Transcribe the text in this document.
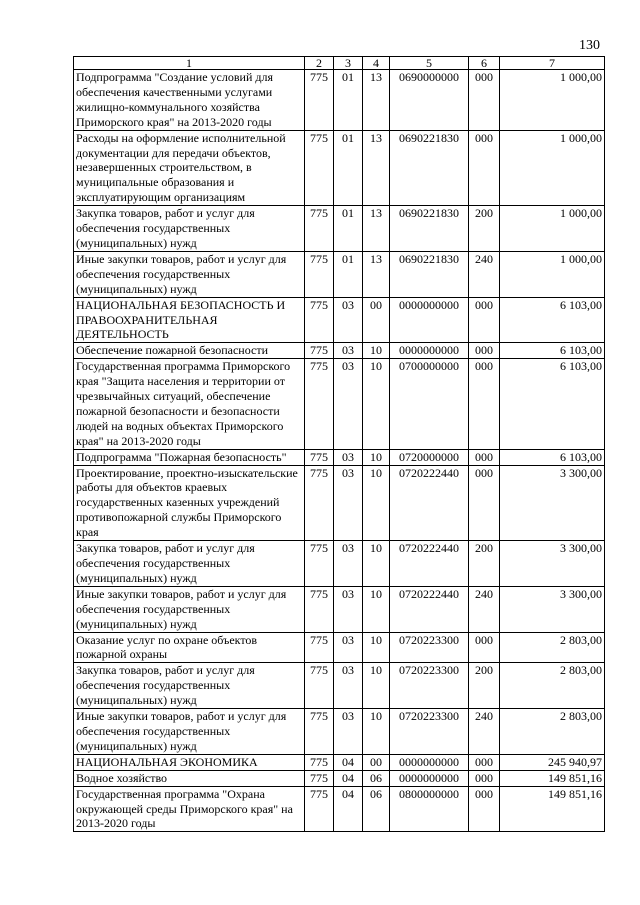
130
1	2	3	4	5	6	7
Подпрограмма "Создание условий для обеспечения качественными услугами жилищно-коммунального хозяйства Приморского края" на 2013-2020 годы	775	01	13	0690000000	000	1 000,00
Расходы на оформление исполнительной документации для передачи объектов, незавершенных строительством, в муниципальные образования и эксплуатирующим организациям	775	01	13	0690221830	000	1 000,00
Закупка товаров, работ и услуг для обеспечения государственных (муниципальных) нужд	775	01	13	0690221830	200	1 000,00
Иные закупки товаров, работ и услуг для обеспечения государственных (муниципальных) нужд	775	01	13	0690221830	240	1 000,00
НАЦИОНАЛЬНАЯ БЕЗОПАСНОСТЬ И ПРАВООХРАНИТЕЛЬНАЯ ДЕЯТЕЛЬНОСТЬ	775	03	00	0000000000	000	6 103,00
Обеспечение пожарной безопасности	775	03	10	0000000000	000	6 103,00
Государственная программа Приморского края "Защита населения и территории от чрезвычайных ситуаций, обеспечение пожарной безопасности и безопасности людей на водных объектах Приморского края" на 2013-2020 годы	775	03	10	0700000000	000	6 103,00
Подпрограмма "Пожарная безопасность"	775	03	10	0720000000	000	6 103,00
Проектирование, проектно-изыскательские работы для объектов краевых государственных казенных учреждений противопожарной службы Приморского края	775	03	10	0720222440	000	3 300,00
Закупка товаров, работ и услуг для обеспечения государственных (муниципальных) нужд	775	03	10	0720222440	200	3 300,00
Иные закупки товаров, работ и услуг для обеспечения государственных (муниципальных) нужд	775	03	10	0720222440	240	3 300,00
Оказание услуг по охране объектов пожарной охраны	775	03	10	0720223300	000	2 803,00
Закупка товаров, работ и услуг для обеспечения государственных (муниципальных) нужд	775	03	10	0720223300	200	2 803,00
Иные закупки товаров, работ и услуг для обеспечения государственных (муниципальных) нужд	775	03	10	0720223300	240	2 803,00
НАЦИОНАЛЬНАЯ ЭКОНОМИКА	775	04	00	0000000000	000	245 940,97
Водное хозяйство	775	04	06	0000000000	000	149 851,16
Государственная программа "Охрана окружающей среды Приморского края" на 2013-2020 годы	775	04	06	0800000000	000	149 851,16
